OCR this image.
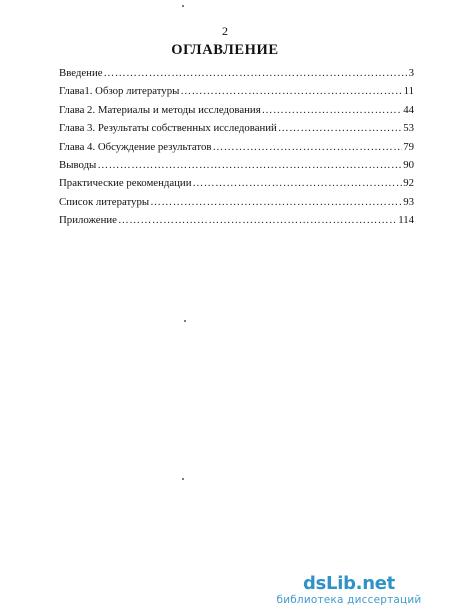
2
ОГЛАВЛЕНИЕ
Введение …………………………………………………………………………………………………………………………………………	3
Глава1. Обзор литературы …………………………………………………………………………………………………………………………………………	11
Глава 2. Материалы и методы исследования …………………………………………………………………………………………………………………………………………	44
Глава 3. Результаты собственных исследований …………………………………………………………………………………………………………………………………………	53
Глава 4. Обсуждение результатов …………………………………………………………………………………………………………………………………………	79
Выводы …………………………………………………………………………………………………………………………………………	90
Практические рекомендации …………………………………………………………………………………………………………………………………………	92
Список литературы …………………………………………………………………………………………………………………………………………	93
Приложение …………………………………………………………………………………………………………………………………………	114
dsLib.net
библиотека диссертаций
